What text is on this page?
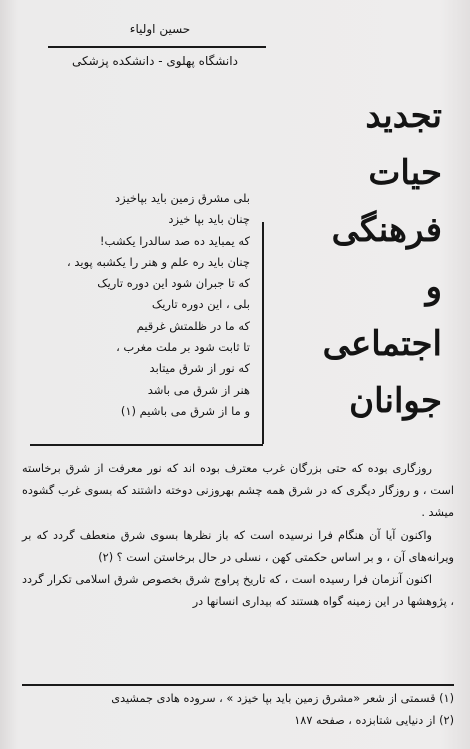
​
حسین اولیاء
دانشگاه پهلوی - دانشکده پزشکی
تجدید
حیات
فرهنگی
و
اجتماعی
جوانان
بلی مشرق زمین باید بپاخیزد
چنان باید بپا خیزد
که یمباید ده صد سالدرا یکشب!
چنان باید ره علم و هنر را یکشبه پوید ،
که تا جبران شود این دوره تاریک
بلی ، این دوره تاریک
که ما در ظلمتش غرقیم
تا ثابت شود بر ملت مغرب ،
که نور از شرق میتابد
هنر از شرق می باشد
و ما از شرق می باشیم (۱)

روزگاری بوده که حتی بزرگان غرب معترف بوده اند که نور معرفت از شرق برخاسته است ، و روزگار دیگری که در شرق همه چشم بهروزنی دوخته داشتند که بسوی غرب گشوده میشد .

واکنون آیا آن هنگام فرا نرسیده است که باز نظرها بسوی شرق منعطف گردد که بر ویرانه‌های آن ، و بر اساس حکمتی کهن ، نسلی در حال برخاستن است ؟ (۲)

اکنون آنزمان فرا رسیده است ، که تاریخ پراوج شرق بخصوص شرق اسلامی تکرار گردد ، پژوهشها در این زمینه گواه هستند که بیداری انسانها در

(۱) قسمتی از شعر «مشرق زمین باید بپا خیزد » ، سروده هادی جمشیدی
(۲) از دنیایی شتابزده ، صفحه ۱۸۷
